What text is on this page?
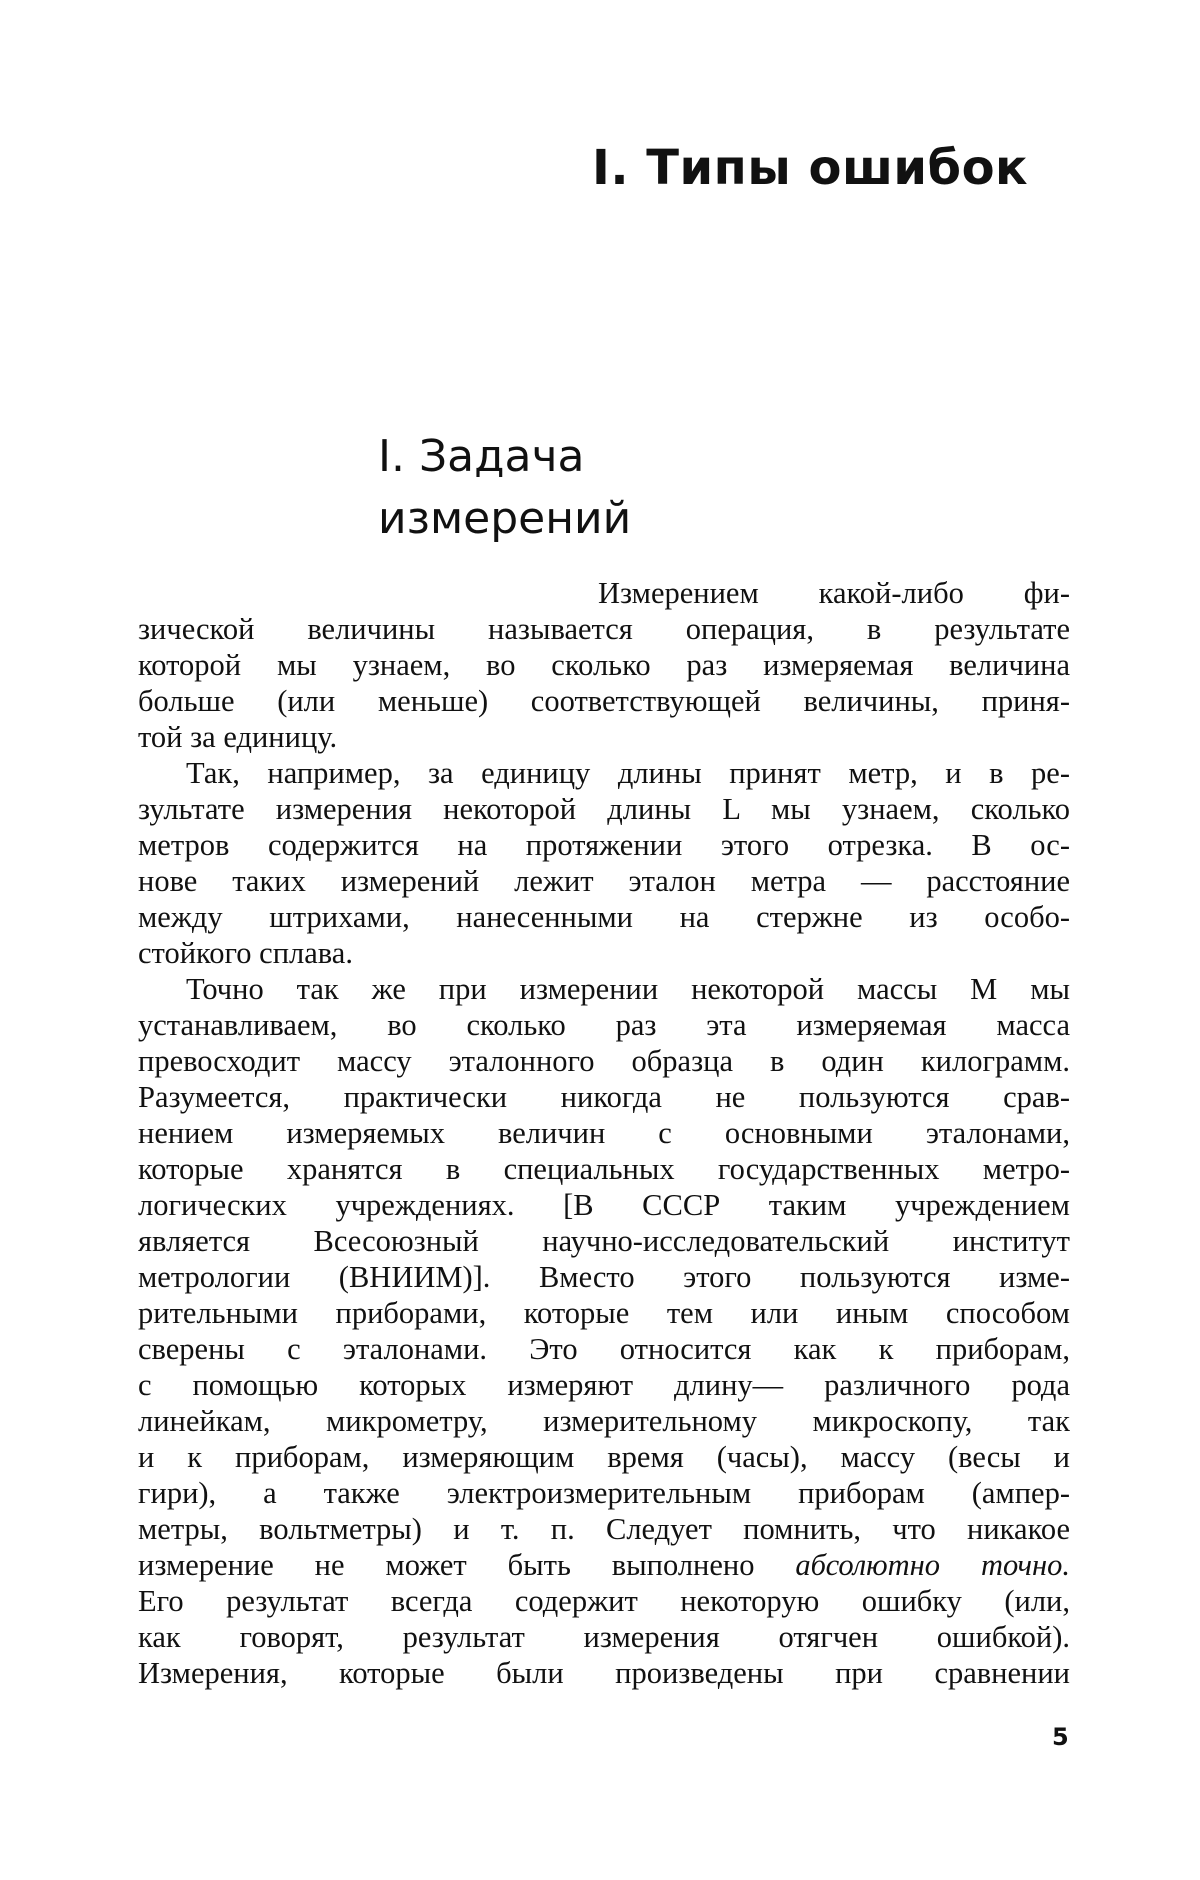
I. Типы ошибок
I. Задача
измерений
Измерением какой-либо фи-
зической величины называется операция, в результате
которой мы узнаем, во сколько раз измеряемая величина
больше (или меньше) соответствующей величины, приня-
той за единицу.
Так, например, за единицу длины принят метр, и в ре-
зультате измерения некоторой длины L мы узнаем, сколько
метров содержится на протяжении этого отрезка. В ос-
нове таких измерений лежит эталон метра — расстояние
между штрихами, нанесенными на стержне из особо-
стойкого сплава.
Точно так же при измерении некоторой массы M мы
устанавливаем, во сколько раз эта измеряемая масса
превосходит массу эталонного образца в один килограмм.
Разумеется, практически никогда не пользуются срав-
нением измеряемых величин с основными эталонами,
которые хранятся в специальных государственных метро-
логических учреждениях. [В СССР таким учреждением
является Всесоюзный научно-исследовательский институт
метрологии (ВНИИМ)]. Вместо этого пользуются изме-
рительными приборами, которые тем или иным способом
сверены с эталонами. Это относится как к приборам,
с помощью которых измеряют длину— различного рода
линейкам, микрометру, измерительному микроскопу, так
и к приборам, измеряющим время (часы), массу (весы и
гири), а также электроизмерительным приборам (ампер-
метры, вольтметры) и т. п. Следует помнить, что никакое
измерение не может быть выполнено абсолютно точно.
Его результат всегда содержит некоторую ошибку (или,
как говорят, результат измерения отягчен ошибкой).
Измерения, которые были произведены при сравнении
5
